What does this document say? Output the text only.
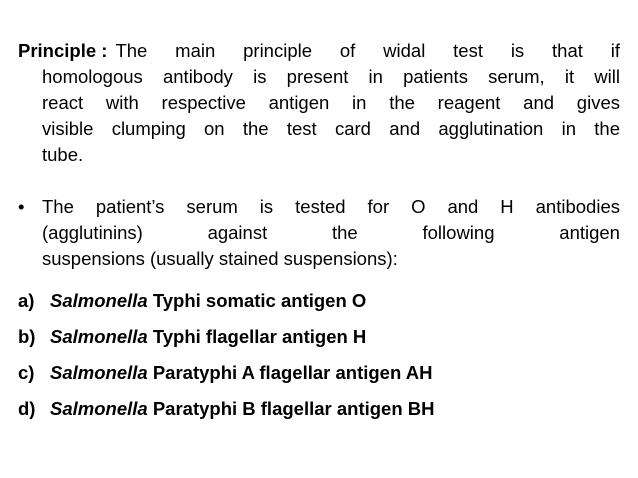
Principle : The main principle of widal test is that if
homologous antibody is present in patients serum, it will
react with respective antigen in the reagent and gives
visible clumping on the test card and agglutination in the
tube.
• The patient’s serum is tested for O and H antibodies
(agglutinins)	against	the	following	antigen
suspensions (usually stained suspensions):
a) Salmonella Typhi somatic antigen O
b) Salmonella Typhi flagellar antigen H
c) Salmonella Paratyphi A flagellar antigen AH
d) Salmonella Paratyphi B flagellar antigen BH
